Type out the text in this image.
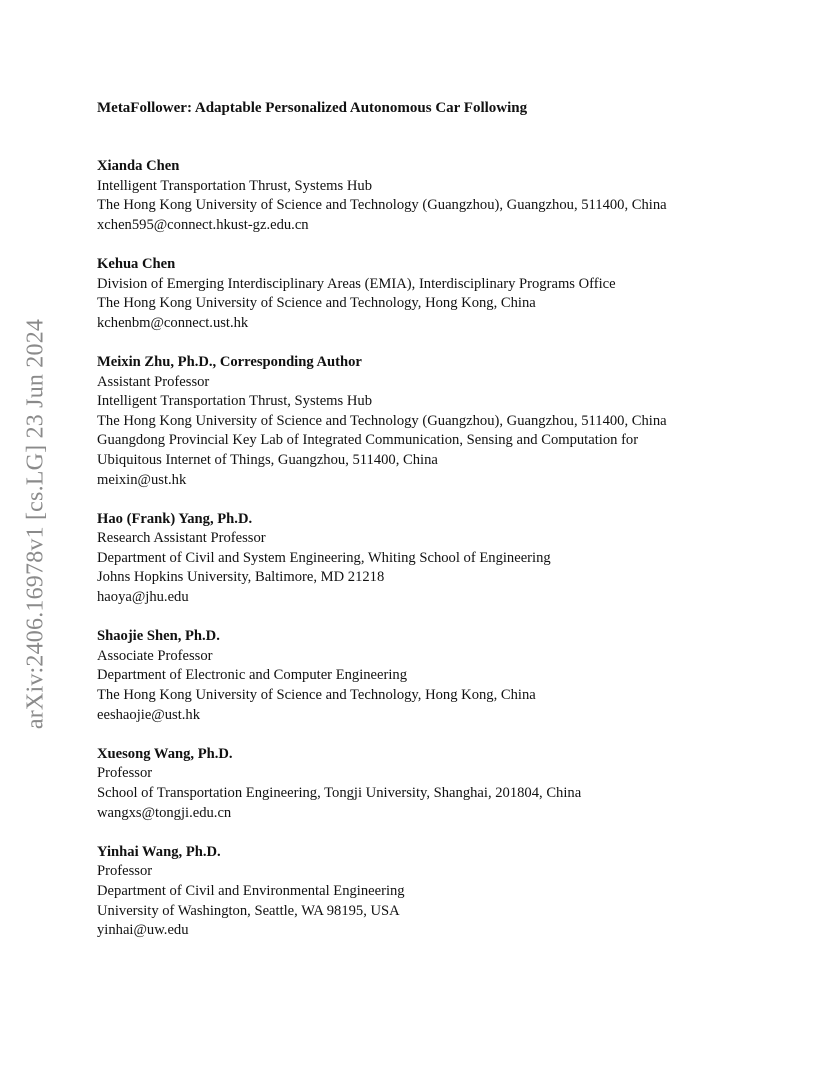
arXiv:2406.16978v1 [cs.LG] 23 Jun 2024
MetaFollower: Adaptable Personalized Autonomous Car Following
Xianda Chen
Intelligent Transportation Thrust, Systems Hub
The Hong Kong University of Science and Technology (Guangzhou), Guangzhou, 511400, China
xchen595@connect.hkust-gz.edu.cn
Kehua Chen
Division of Emerging Interdisciplinary Areas (EMIA), Interdisciplinary Programs Office
The Hong Kong University of Science and Technology, Hong Kong, China
kchenbm@connect.ust.hk
Meixin Zhu, Ph.D., Corresponding Author
Assistant Professor
Intelligent Transportation Thrust, Systems Hub
The Hong Kong University of Science and Technology (Guangzhou), Guangzhou, 511400, China
Guangdong Provincial Key Lab of Integrated Communication, Sensing and Computation for
Ubiquitous Internet of Things, Guangzhou, 511400, China
meixin@ust.hk
Hao (Frank) Yang, Ph.D.
Research Assistant Professor
Department of Civil and System Engineering, Whiting School of Engineering
Johns Hopkins University, Baltimore, MD 21218
haoya@jhu.edu
Shaojie Shen, Ph.D.
Associate Professor
Department of Electronic and Computer Engineering
The Hong Kong University of Science and Technology, Hong Kong, China
eeshaojie@ust.hk
Xuesong Wang, Ph.D.
Professor
School of Transportation Engineering, Tongji University, Shanghai, 201804, China
wangxs@tongji.edu.cn
Yinhai Wang, Ph.D.
Professor
Department of Civil and Environmental Engineering
University of Washington, Seattle, WA 98195, USA
yinhai@uw.edu
